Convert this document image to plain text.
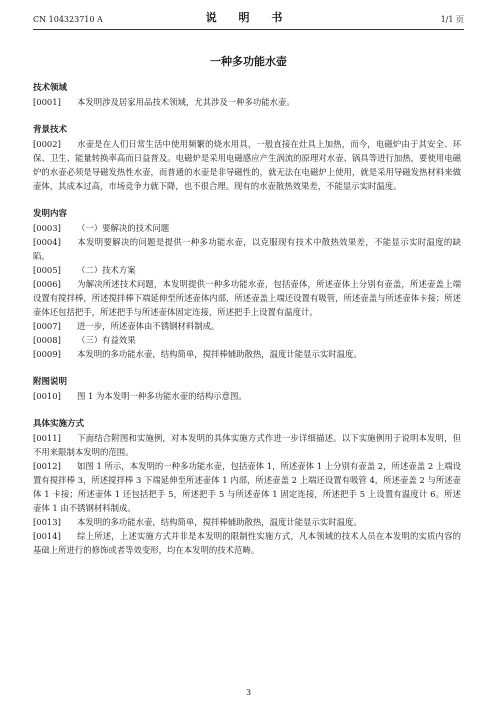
CN 104323710 A	说 明 书	1/1 页
一种多功能水壶

技术领域

[0001] 本发明涉及居家用品技术领域，尤其涉及一种多功能水壶。

背景技术

[0002] 水壶是在人们日常生活中使用频繁的烧水用具，一般直接在灶具上加热，而今，电磁炉由于其安全、环保、卫生、能量转换率高而日益普及。电磁炉是采用电磁感应产生涡流的原理对水壶、锅具等进行加热，要使用电磁炉的水壶必须是导磁发热性水壶，而普通的水壶是非导磁性的，就无法在电磁炉上使用，就是采用导磁发热材料来做壶体，其成本过高，市场竞争力就下降，也不很合理。现有的水壶散热效果差，不能显示实时温度。

发明内容

[0003] （一）要解决的技术问题

[0004] 本发明要解决的问题是提供一种多功能水壶，以克服现有技术中散热效果差，不能显示实时温度的缺陷。

[0005] （二）技术方案

[0006] 为解决所述技术问题，本发明提供一种多功能水壶，包括壶体，所述壶体上分别有壶盖，所述壶盖上端设置有搅拌棒，所述搅拌棒下端延伸至所述壶体内部，所述壶盖上端还设置有吸管，所述壶盖与所述壶体卡接；所述壶体还包括把手，所述把手与所述壶体固定连接，所述把手上设置有温度计。

[0007] 进一步，所述壶体由不锈钢材料制成。

[0008] （三）有益效果

[0009] 本发明的多功能水壶，结构简单，搅拌棒辅助散热，温度计能显示实时温度。

附图说明

[0010] 图 1 为本发明一种多功能水壶的结构示意图。

具体实施方式

[0011] 下面结合附图和实施例，对本发明的具体实施方式作进一步详细描述。以下实施例用于说明本发明，但不用来限制本发明的范围。

[0012] 如图 1 所示，本发明的一种多功能水壶，包括壶体 1，所述壶体 1 上分别有壶盖 2，所述壶盖 2 上端设置有搅拌棒 3，所述搅拌棒 3 下端延伸至所述壶体 1 内部，所述壶盖 2 上端还设置有吸管 4，所述壶盖 2 与所述壶体 1 卡接；所述壶体 1 还包括把手 5，所述把手 5 与所述壶体 1 固定连接，所述把手 5 上设置有温度计 6。所述壶体 1 由不锈钢材料制成。

[0013] 本发明的多功能水壶，结构简单，搅拌棒辅助散热，温度计能显示实时温度。

[0014] 综上所述，上述实施方式并非是本发明的限制性实施方式，凡本领域的技术人员在本发明的实质内容的基础上所进行的修饰或者等效变形，均在本发明的技术范畴。

3
